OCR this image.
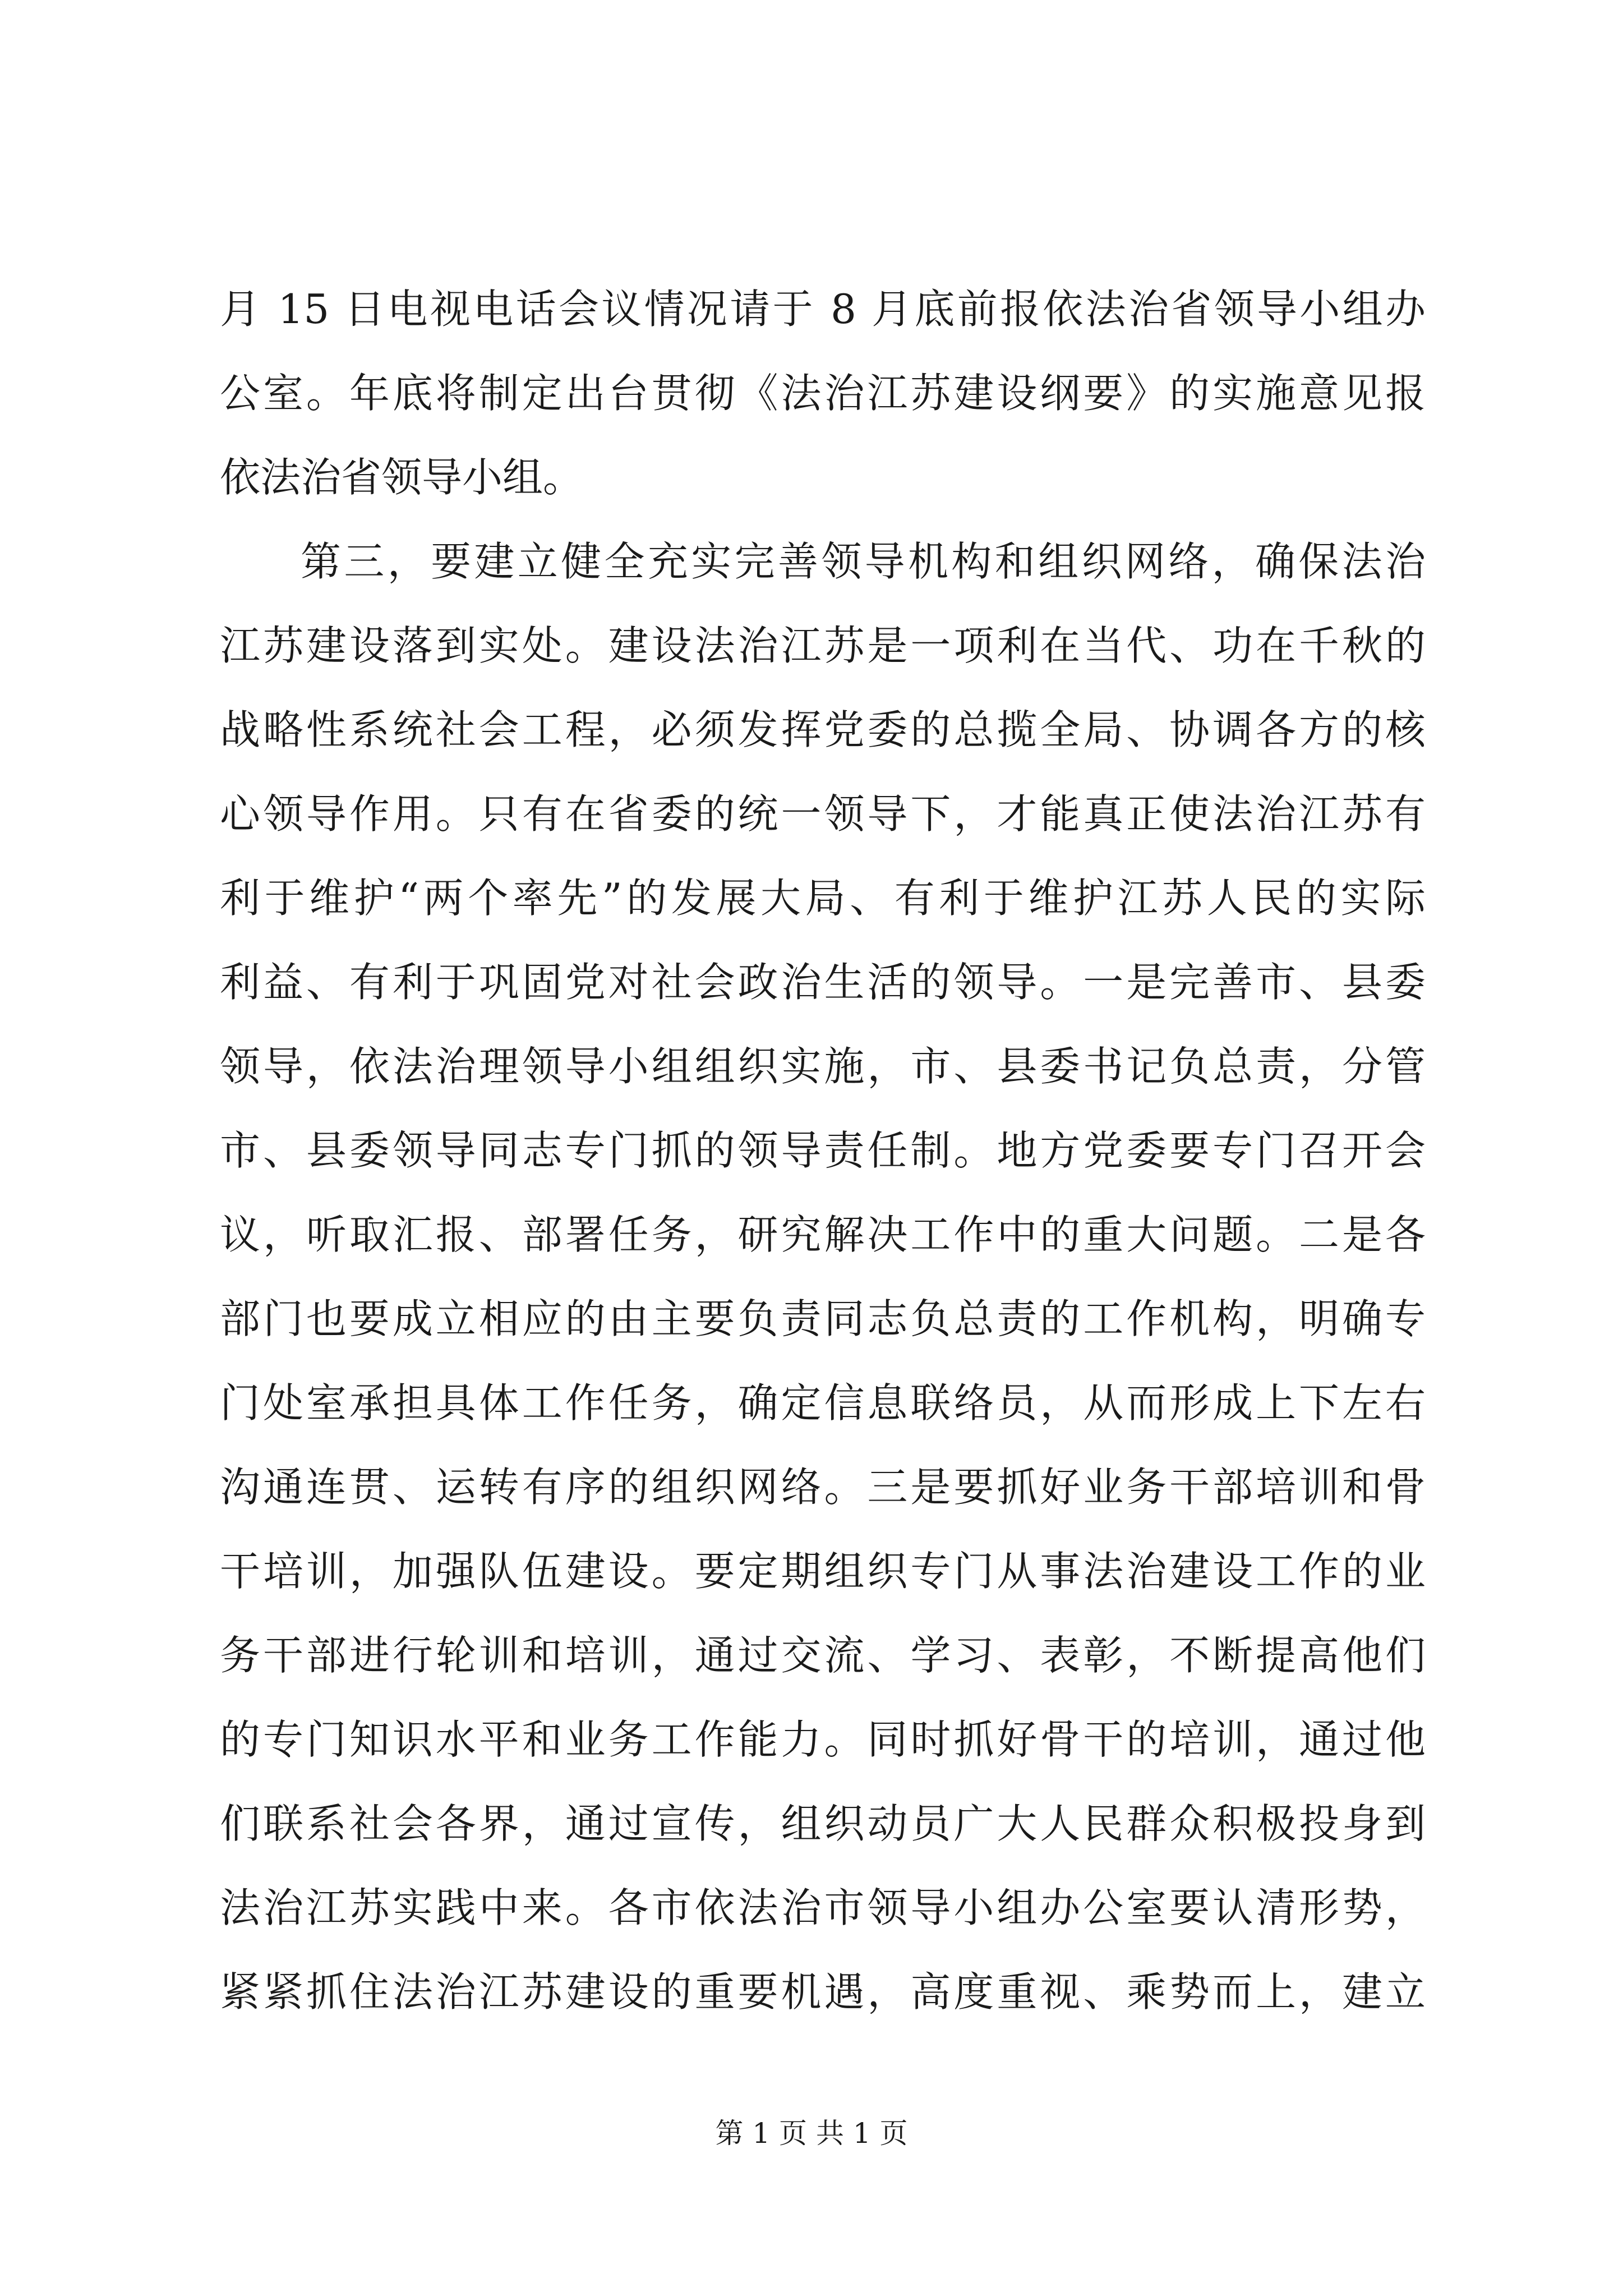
月 15 日电视电话会议情况请于 8 月底前报依法治省领导小组办
公室。年底将制定出台贯彻《法治江苏建设纲要》的实施意见报
依法治省领导小组。
第三，要建立健全充实完善领导机构和组织网络，确保法治
江苏建设落到实处。建设法治江苏是一项利在当代、功在千秋的
战略性系统社会工程，必须发挥党委的总揽全局、协调各方的核
心领导作用。只有在省委的统一领导下，才能真正使法治江苏有
利于维护“两个率先”的发展大局、有利于维护江苏人民的实际
利益、有利于巩固党对社会政治生活的领导。一是完善市、县委
领导，依法治理领导小组组织实施，市、县委书记负总责，分管
市、县委领导同志专门抓的领导责任制。地方党委要专门召开会
议，听取汇报、部署任务，研究解决工作中的重大问题。二是各
部门也要成立相应的由主要负责同志负总责的工作机构，明确专
门处室承担具体工作任务，确定信息联络员，从而形成上下左右
沟通连贯、运转有序的组织网络。三是要抓好业务干部培训和骨
干培训，加强队伍建设。要定期组织专门从事法治建设工作的业
务干部进行轮训和培训，通过交流、学习、表彰，不断提高他们
的专门知识水平和业务工作能力。同时抓好骨干的培训，通过他
们联系社会各界，通过宣传，组织动员广大人民群众积极投身到
法治江苏实践中来。各市依法治市领导小组办公室要认清形势，
紧紧抓住法治江苏建设的重要机遇，高度重视、乘势而上，建立
第 1 页 共 1 页
